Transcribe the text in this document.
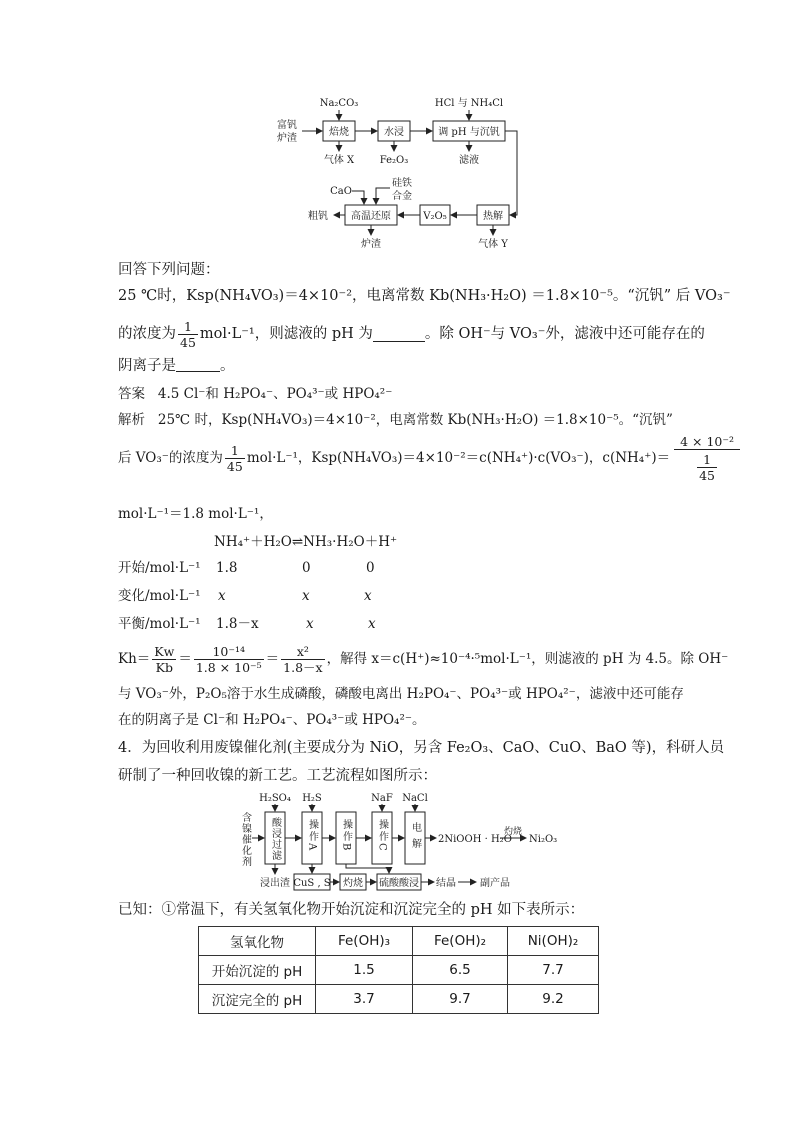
Na₂CO₃	HCl 与 NH₄Cl
富钒
炉渣
焙烧	水浸	调 pH 与沉钒
气体 X	Fe₂O₃	滤液
CaO
硅铁
合金
粗钒 高温还原	V₂O₅	热解
炉渣	气体 Y
回答下列问题：
25 ℃时，Ksp(NH₄VO₃)＝4×10⁻²，电离常数 Kb(NH₃·H₂O) ＝1.8×10⁻⁵。“沉钒” 后 VO₃⁻
的浓度为 $\frac{1}{45} mol\cdot L^{-1}$，则滤液的 pH 为	。除 OH⁻与 VO₃⁻外，滤液中还可能存在的
阴离子是	。
答案 4.5 Cl⁻和 H₂PO₄⁻、PO₄³⁻或 HPO₄²⁻
解析 25℃ 时，Ksp(NH₄VO₃)＝4×10⁻²，电离常数 Kb(NH₃·H₂O) ＝1.8×10⁻⁵。“沉钒”
后 VO₃⁻的浓度为 $\frac{1}{45} mol\cdot L^{-1}$，Ksp(NH₄VO₃)＝4×10⁻²＝c(NH₄⁺)·c(VO₃⁻)，$c(NH_4^+)= \frac{\text{4 × 10⁻²}}{\frac{1}{45}}$
mol·L⁻¹＝1.8 mol·L⁻¹，
NH₄⁺＋H₂O⇌NH₃·H₂O＋H⁺
开始/mol·L⁻¹ 1.8	0	0
变化/mol·L⁻¹ x	x	x
平衡/mol·L⁻¹ 1.8－x	x	x
$Kh= \frac{Kw}{Kb} = \frac{\text{10⁻¹⁴}}{\text{1.8 × 10⁻⁵}} = \frac{\text{x²}}{1.8-x}$ ，解得 x＝c(H⁺)≈10⁻⁴·⁵mol·L⁻¹，则滤液的 pH 为 4.5。除 OH⁻
与 VO₃⁻外，P₂O₅溶于水生成磷酸，磷酸电离出 H₂PO₄⁻、PO₄³⁻或 HPO₄²⁻，滤液中还可能存
在的阴离子是 Cl⁻和 H₂PO₄⁻、PO₄³⁻或 HPO₄²⁻。
4．为回收利用废镍催化剂(主要成分为 NiO，另含 Fe₂O₃、CaO、CuO、BaO 等)，科研人员
研制了一种回收镍的新工艺。工艺流程如图所示：
H₂SO₄ H₂S	NaF NaCl
含镍催化剂 酸浸过滤	操作A 操作B	操作C 电解 2NiOOH · H₂O
灼烧
Ni₂O₃
浸出渣 CuS , S 灼烧 硫酸酸浸 结晶 副产品
已知：①常温下，有关氢氧化物开始沉淀和沉淀完全的 pH 如下表所示：
氢氧化物	Fe(OH)₃	Fe(OH)₂	Ni(OH)₂
开始沉淀的 pH	1.5	6.5	7.7
沉淀完全的 pH	3.7	9.7	9.2
